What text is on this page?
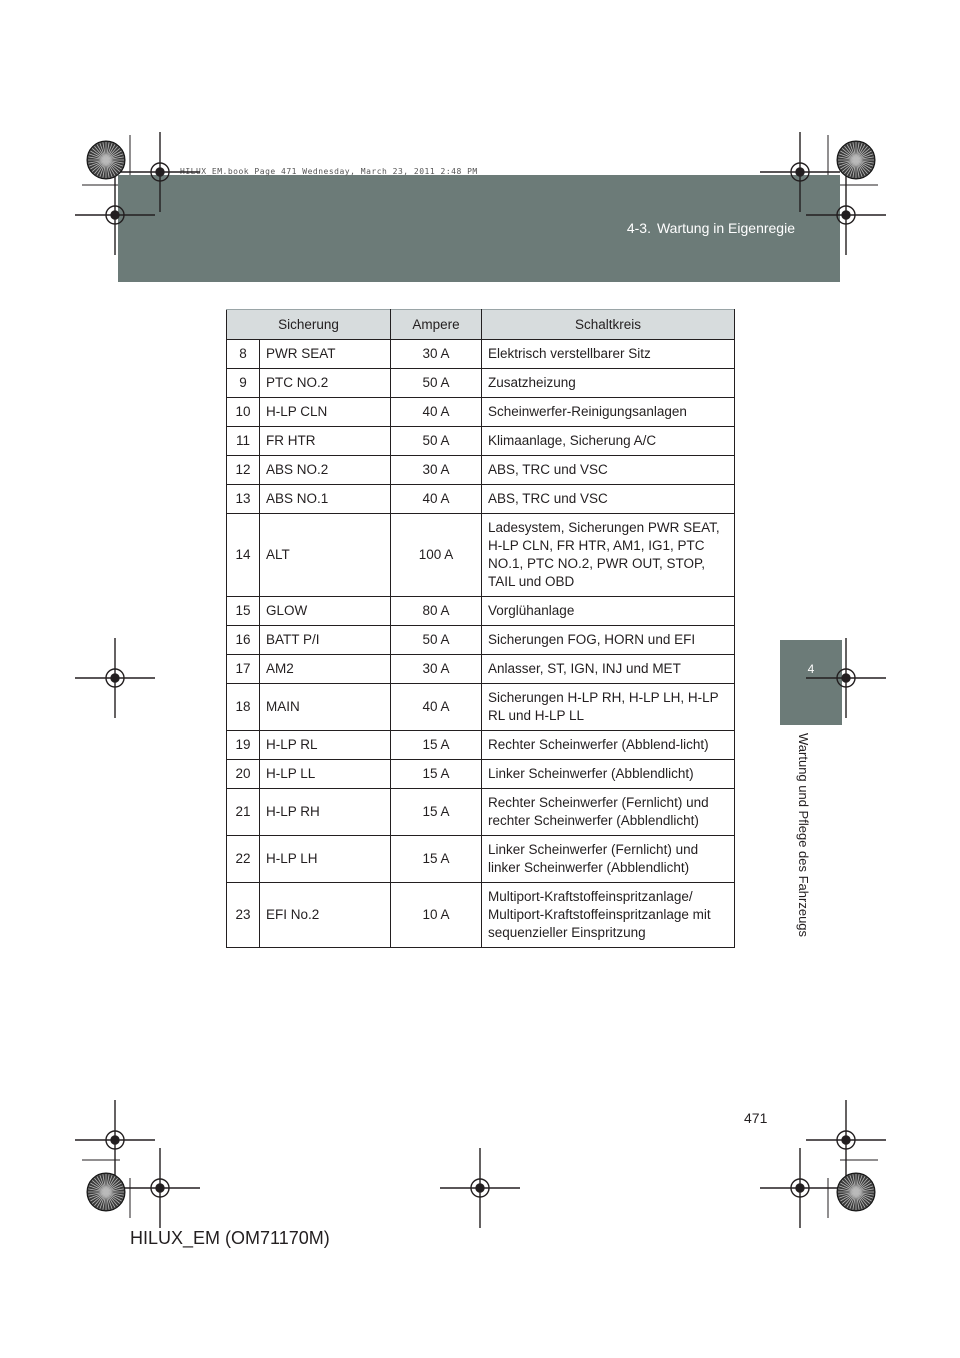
4-3. Wartung in Eigenregie
HILUX_EM.book Page 471 Wednesday, March 23, 2011 2:48 PM
4
Wartung und Pflege des Fahrzeugs
Sicherung		Ampere	Schaltkreis
8	PWR SEAT	30 A	Elektrisch verstellbarer Sitz
9	PTC NO.2	50 A	Zusatzheizung
10	H-LP CLN	40 A	Scheinwerfer-Reinigungsanlagen
11	FR HTR	50 A	Klimaanlage, Sicherung A/C
12	ABS NO.2	30 A	ABS, TRC und VSC
13	ABS NO.1	40 A	ABS, TRC und VSC
14	ALT	100 A	Ladesystem, Sicherungen PWR SEAT, H-LP CLN, FR HTR, AM1, IG1, PTC NO.1, PTC NO.2, PWR OUT, STOP, TAIL und OBD
15	GLOW	80 A	Vorglühanlage
16	BATT P/I	50 A	Sicherungen FOG, HORN und EFI
17	AM2	30 A	Anlasser, ST, IGN, INJ und MET
18	MAIN	40 A	Sicherungen H-LP RH, H-LP LH, H-LP RL und H-LP LL
19	H-LP RL	15 A	Rechter Scheinwerfer (Abblend-licht)
20	H-LP LL	15 A	Linker Scheinwerfer (Abblendlicht)
21	H-LP RH	15 A	Rechter Scheinwerfer (Fernlicht) und rechter Scheinwerfer (Abblendlicht)
22	H-LP LH	15 A	Linker Scheinwerfer (Fernlicht) und linker Scheinwerfer (Abblendlicht)
23	EFI No.2	10 A	Multiport-Kraftstoffeinspritzanlage/ Multiport-Kraftstoffeinspritzanlage mit sequenzieller Einspritzung
471
HILUX_EM (OM71170M)
